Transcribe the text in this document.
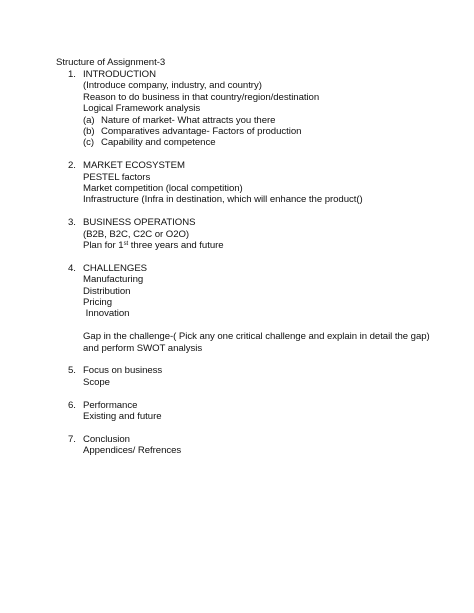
Structure of Assignment-3
1. INTRODUCTION
(Introduce company, industry, and country)
Reason to do business in that country/region/destination
Logical Framework analysis
(a) Nature of market- What attracts you there
(b) Comparatives advantage- Factors of production
(c) Capability and competence
2. MARKET ECOSYSTEM
PESTEL factors
Market competition (local competition)
Infrastructure (Infra in destination, which will enhance the product()
3. BUSINESS OPERATIONS
(B2B, B2C, C2C or O2O)
Plan for 1st three years and future
4. CHALLENGES
Manufacturing
Distribution
Pricing
Innovation
Gap in the challenge-( Pick any one critical challenge and explain in detail the gap) and perform SWOT analysis
5. Focus on business
Scope
6. Performance
Existing and future
7. Conclusion
Appendices/ Refrences
